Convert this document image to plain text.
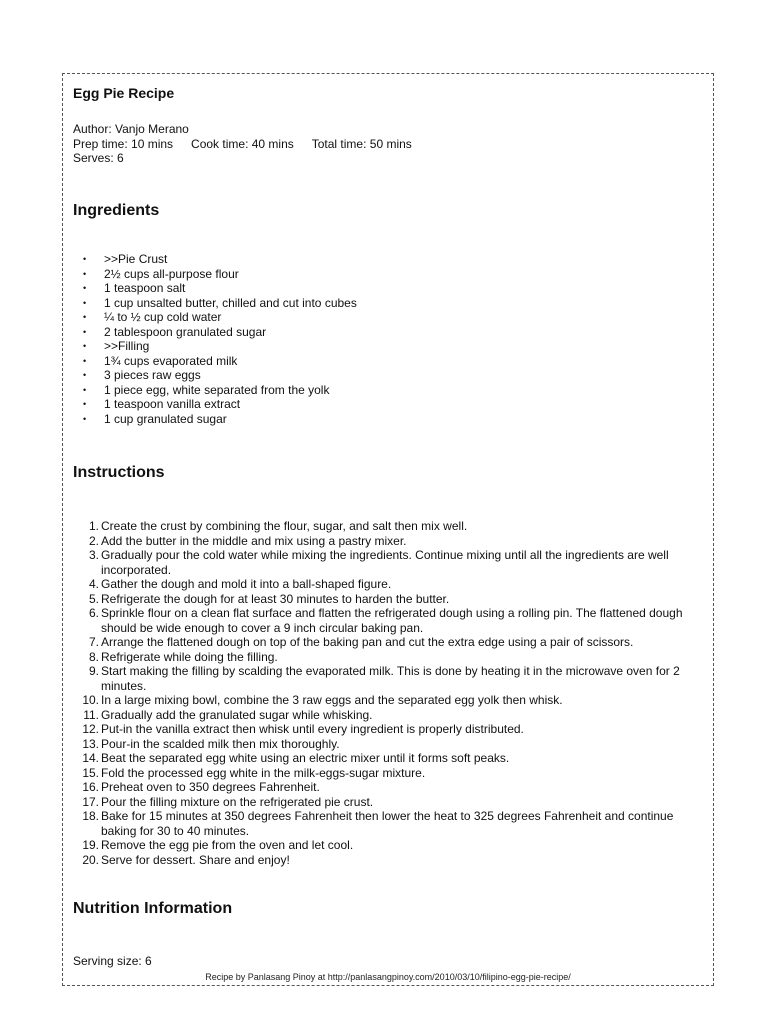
Egg Pie Recipe
Author: Vanjo Merano
Prep time: 10 mins Cook time: 40 mins Total time: 50 mins
Serves: 6
Ingredients
• >>Pie Crust
• 2½ cups all-purpose flour
• 1 teaspoon salt
• 1 cup unsalted butter, chilled and cut into cubes
• ¼ to ½ cup cold water
• 2 tablespoon granulated sugar
• >>Filling
• 1¾ cups evaporated milk
• 3 pieces raw eggs
• 1 piece egg, white separated from the yolk
• 1 teaspoon vanilla extract
• 1 cup granulated sugar
Instructions
1. Create the crust by combining the flour, sugar, and salt then mix well.
2. Add the butter in the middle and mix using a pastry mixer.
3. Gradually pour the cold water while mixing the ingredients. Continue mixing until all the ingredients are well incorporated.
4. Gather the dough and mold it into a ball-shaped figure.
5. Refrigerate the dough for at least 30 minutes to harden the butter.
6. Sprinkle flour on a clean flat surface and flatten the refrigerated dough using a rolling pin. The flattened dough should be wide enough to cover a 9 inch circular baking pan.
7. Arrange the flattened dough on top of the baking pan and cut the extra edge using a pair of scissors.
8. Refrigerate while doing the filling.
9. Start making the filling by scalding the evaporated milk. This is done by heating it in the microwave oven for 2 minutes.
10. In a large mixing bowl, combine the 3 raw eggs and the separated egg yolk then whisk.
11. Gradually add the granulated sugar while whisking.
12. Put-in the vanilla extract then whisk until every ingredient is properly distributed.
13. Pour-in the scalded milk then mix thoroughly.
14. Beat the separated egg white using an electric mixer until it forms soft peaks.
15. Fold the processed egg white in the milk-eggs-sugar mixture.
16. Preheat oven to 350 degrees Fahrenheit.
17. Pour the filling mixture on the refrigerated pie crust.
18. Bake for 15 minutes at 350 degrees Fahrenheit then lower the heat to 325 degrees Fahrenheit and continue baking for 30 to 40 minutes.
19. Remove the egg pie from the oven and let cool.
20. Serve for dessert. Share and enjoy!
Nutrition Information
Serving size: 6
Recipe by Panlasang Pinoy at http://panlasangpinoy.com/2010/03/10/filipino-egg-pie-recipe/
